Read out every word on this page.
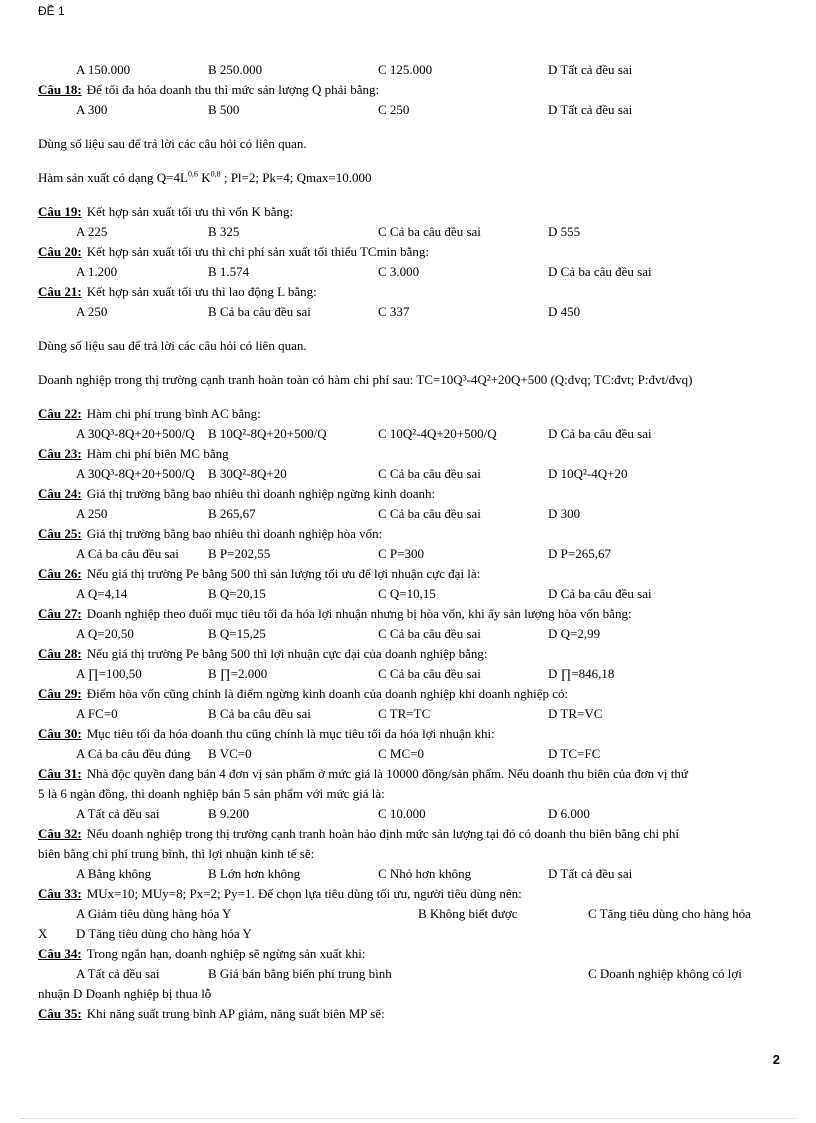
ĐỀ 1
A 150.000	B 250.000	C 125.000	D Tất cả đều sai
Câu 18: Để tối đa hóa doanh thu thì mức sản lượng Q phải bằng:
A 300	B 500	C 250	D Tất cả đều sai
Dùng số liệu sau để trả lời các câu hỏi có liên quan.
Hàm sản xuất có dạng $Q=4L^{0,6}$ K$^{0,8}$ ; Pl=2; Pk=4; Qmax=10.000
Câu 19: Kết hợp sản xuất tối ưu thì vốn K bằng:
A 225	B 325	C Cả ba câu đều sai	D 555
Câu 20: Kết hợp sản xuất tối ưu thì chi phí sản xuất tối thiểu TCmin bằng:
A 1.200	B 1.574	C 3.000	D Cả ba câu đều sai
Câu 21: Kết hợp sản xuất tối ưu thì lao động L bằng:
A 250	B Cả ba câu đều sai	C 337	D 450
Dùng số liệu sau để trả lời các câu hỏi có liên quan.
Doanh nghiệp trong thị trường cạnh tranh hoàn toàn có hàm chi phí sau: TC=10Q³-4Q²+20Q+500 (Q:đvq; TC:đvt; P:đvt/đvq)
Câu 22: Hàm chi phí trung bình AC bằng:
A 30Q³-8Q+20+500/Q	B 10Q²-8Q+20+500/Q	C 10Q²-4Q+20+500/Q	D Cả ba câu đều sai
Câu 23: Hàm chi phí biên MC bằng
A 30Q³-8Q+20+500/Q	B 30Q²-8Q+20	C Cả ba câu đều sai	D 10Q²-4Q+20
Câu 24: Giá thị trường bằng bao nhiêu thì doanh nghiệp ngừng kinh doanh:
A 250	B 265,67	C Cả ba câu đều sai	D 300
Câu 25: Giá thị trường bằng bao nhiêu thì doanh nghiệp hòa vốn:
A Cả ba câu đều sai	B P=202,55	C P=300	D P=265,67
Câu 26: Nếu giá thị trường Pe bằng 500 thì sản lượng tối ưu để lợi nhuận cực đại là:
A Q=4,14	B Q=20,15	C Q=10,15	D Cả ba câu đều sai
Câu 27: Doanh nghiệp theo đuổi mục tiêu tối đa hóa lợi nhuận nhưng bị hòa vốn, khi ấy sản lượng hòa vốn bằng:
A Q=20,50	B Q=15,25	C Cả ba câu đều sai	D Q=2,99
Câu 28: Nếu giá thị trường Pe bằng 500 thì lợi nhuận cực đại của doanh nghiệp bằng:
A ∏=100,50	B ∏=2.000	C Cả ba câu đều sai	D ∏=846,18
Câu 29: Điểm hòa vốn cũng chính là điểm ngừng kinh doanh của doanh nghiệp khi doanh nghiệp có:
A FC=0	B Cả ba câu đều sai	C TR=TC	D TR=VC
Câu 30: Mục tiêu tối đa hóa doanh thu cũng chính là mục tiêu tối đa hóa lợi nhuận khi:
A Cả ba câu đều đúng	B VC=0	C MC=0	D TC=FC
Câu 31: Nhà độc quyền đang bán 4 đơn vị sản phẩm ở mức giá là 10000 đồng/sản phẩm. Nếu doanh thu biên của đơn vị thứ
5 là 6 ngàn đồng, thì doanh nghiệp bán 5 sản phẩm với mức giá là:
A Tất cả đều sai	B 9.200	C 10.000	D 6.000
Câu 32: Nếu doanh nghiệp trong thị trường cạnh tranh hoàn hảo định mức sản lượng tại đó có doanh thu biên bằng chi phí
biên bằng chi phí trung bình, thì lợi nhuận kinh tế sẽ:
A Bằng không	B Lớn hơn không	C Nhỏ hơn không	D Tất cả đều sai
Câu 33: MUx=10; MUy=8; Px=2; Py=1. Để chọn lựa tiêu dùng tối ưu, người tiêu dùng nên:
A Giảm tiêu dùng hàng hóa Y	B Không biết được	C Tăng tiêu dùng cho hàng hóa
X	D Tăng tiêu dùng cho hàng hóa Y
Câu 34: Trong ngắn hạn, doanh nghiệp sẽ ngừng sản xuất khi:
A Tất cả đều sai	B Giá bán bằng biến phí trung bình	C Doanh nghiệp không có lợi
nhuận D Doanh nghiệp bị thua lỗ
Câu 35: Khi năng suất trung bình AP giảm, năng suất biên MP sẽ:
2
